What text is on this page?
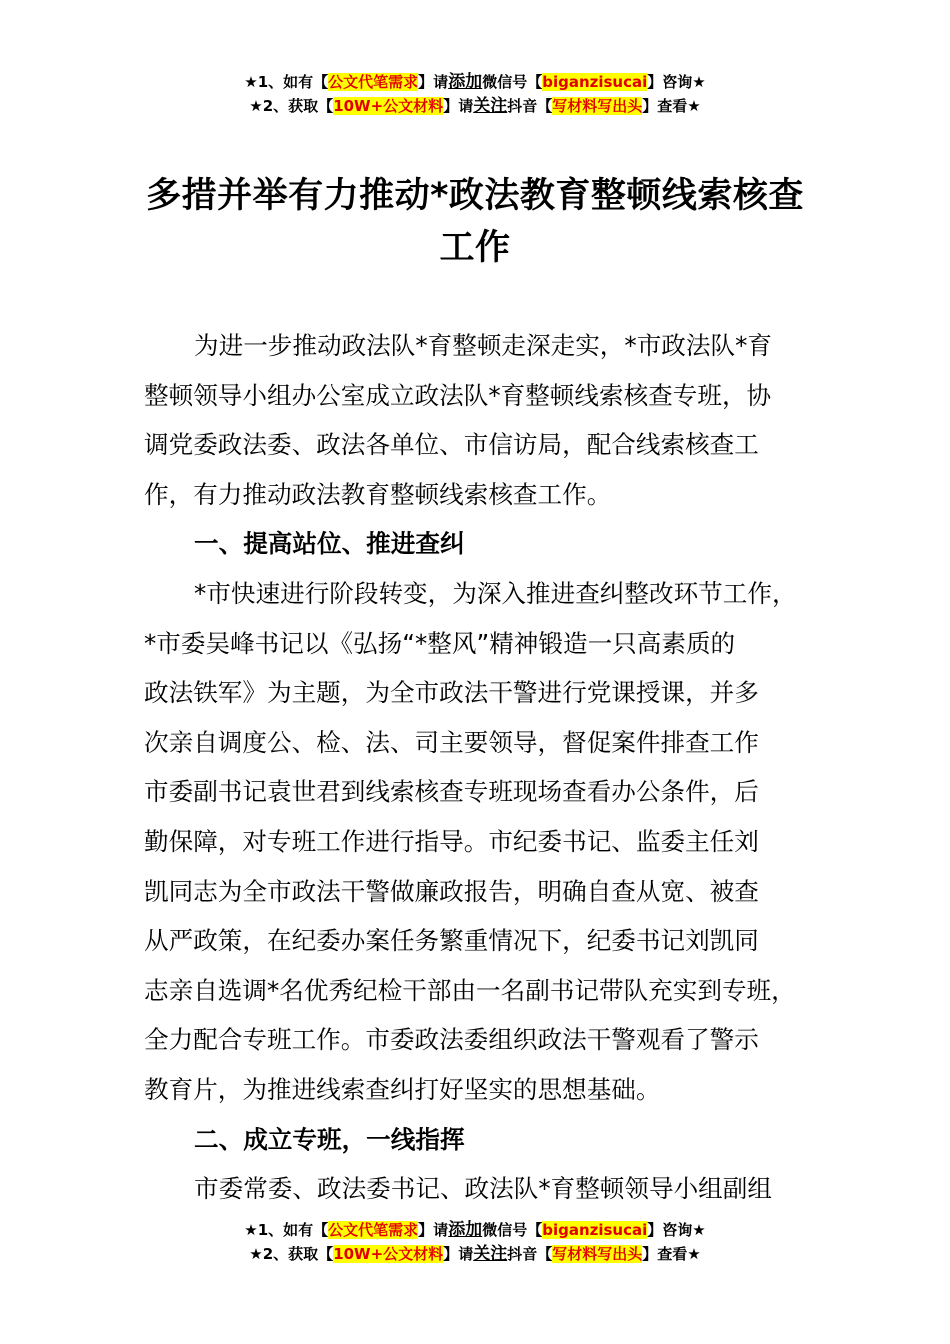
★1、如有【公文代笔需求】请添加微信号【biganzisucai】咨询★
★2、获取【10W+公文材料】请关注抖音【写材料写出头】查看★
多措并举有力推动*政法教育整顿线索核查
工作
为进一步推动政法队*育整顿走深走实，*市政法队*育
整顿领导小组办公室成立政法队*育整顿线索核查专班，协
调党委政法委、政法各单位、市信访局，配合线索核查工
作，有力推动政法教育整顿线索核查工作。
一、提高站位、推进查纠
*市快速进行阶段转变，为深入推进查纠整改环节工作，
*市委吴峰书记以《弘扬“*整风”精神锻造一只高素质的
政法铁军》为主题，为全市政法干警进行党课授课，并多
次亲自调度公、检、法、司主要领导，督促案件排查工作
市委副书记袁世君到线索核查专班现场查看办公条件，后
勤保障，对专班工作进行指导。市纪委书记、监委主任刘
凯同志为全市政法干警做廉政报告，明确自查从宽、被查
从严政策，在纪委办案任务繁重情况下，纪委书记刘凯同
志亲自选调*名优秀纪检干部由一名副书记带队充实到专班，
全力配合专班工作。市委政法委组织政法干警观看了警示
教育片，为推进线索查纠打好坚实的思想基础。
二、成立专班，一线指挥
市委常委、政法委书记、政法队*育整顿领导小组副组
★1、如有【公文代笔需求】请添加微信号【biganzisucai】咨询★
★2、获取【10W+公文材料】请关注抖音【写材料写出头】查看★
